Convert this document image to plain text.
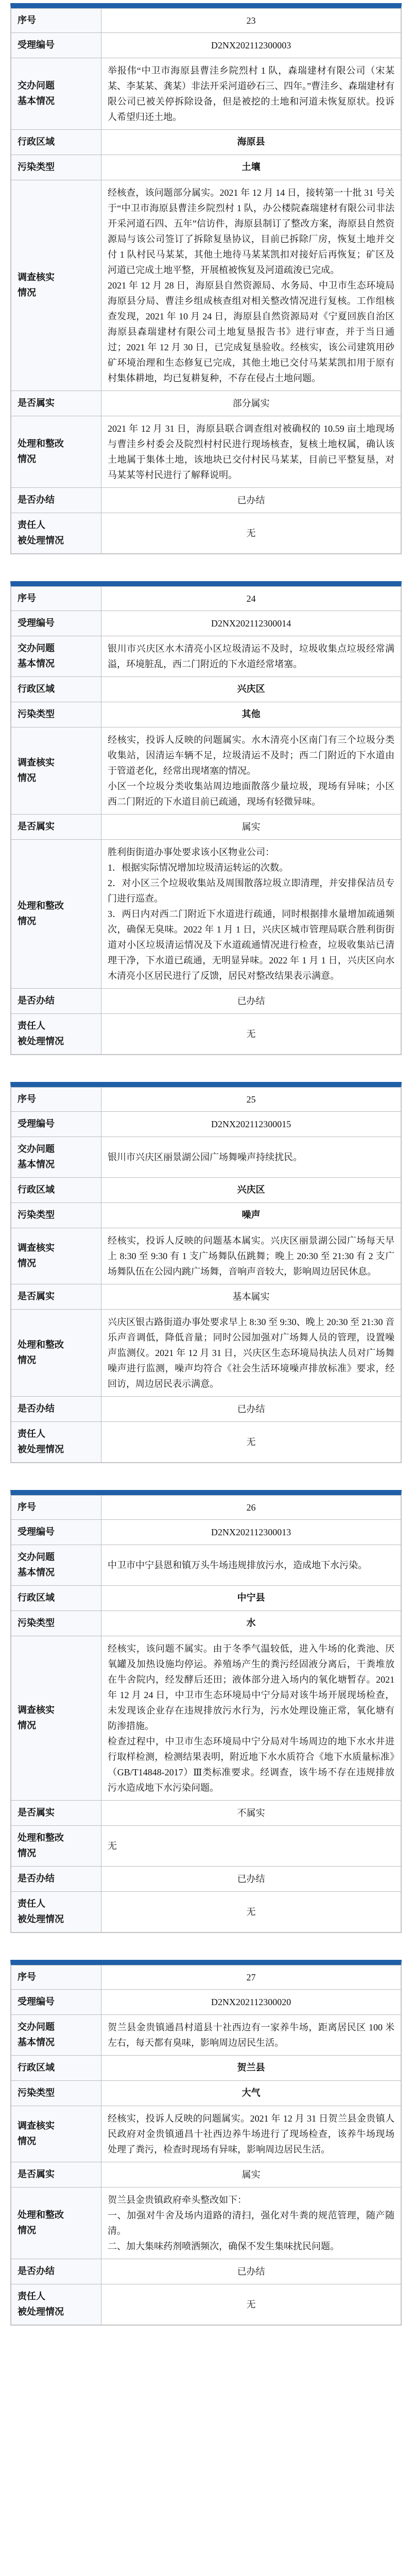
序号	23
受理编号	D2NX202112300003
交办问题
基本情况	举报伟“中卫市海原县曹洼乡院烈村 1 队，森瑞建材有限公司（宋某某、李某某、龚某）非法开采河道砂石三、四年。”曹洼乡、森瑞建材有限公司已被关停拆除设备，但是被挖的土地和河道未恢复原状。投诉人希望归还土地。
行政区域	海原县
污染类型	土壤
调查核实
情况	经核查，该问题部分属实。2021 年 12 月 14 日，接转第一十批 31 号关于“中卫市海原县曹洼乡院烈村 1 队，办公楼院森瑞建材有限公司非法开采河道石四、五年”信访件，海原县制订了整改方案，海原县自然资源局与该公司签订了拆除复垦协议，目前已拆除厂房，恢复土地并交付 1 队村民马某某，其他土地待马某某凯扣对接好后再恢复；矿区及河道已完成土地平整，开展植被恢复及河道疏浚已完成。
2021 年 12 月 28 日，海原县自然资源局、水务局、中卫市生态环境局海原县分局、曹洼乡组成核查组对相关整改情况进行复核。工作组核查发现，2021 年 10 月 24 日，海原县自然资源局对《宁夏回族自治区海原县森瑞建材有限公司土地复垦报告书》进行审查，并于当日通过；2021 年 12 月 30 日，已完成复垦验收。经核实，该公司建筑用砂矿环境治理和生态修复已完成，其他土地已交付马某某凯扣用于原有村集体耕地，均已复耕复种，不存在侵占土地问题。
是否属实	部分属实
处理和整改
情况	2021 年 12 月 31 日，海原县联合调查组对被确权的 10.59 亩土地现场与曹洼乡村委会及院烈村村民进行现场核查，复核土地权属，确认该土地属于集体土地，该地块已交付村民马某某，目前已平整复垦，对马某某等村民进行了解释说明。
是否办结	已办结
责任人
被处理情况	无
序号	24
受理编号	D2NX202112300014
交办问题
基本情况	银川市兴庆区水木清亮小区垃圾清运不及时，垃圾收集点垃圾经常满溢，环境脏乱，西二门附近的下水道经常堵塞。
行政区域	兴庆区
污染类型	其他
调查核实
情况	经核实，投诉人反映的问题属实。水木清亮小区南门有三个垃圾分类收集站，因清运车辆不足，垃圾清运不及时；西二门附近的下水道由于管道老化，经常出现堵塞的情况。
小区一个垃圾分类收集站周边地面散落少量垃圾，现场有异味；小区西二门附近的下水道目前已疏通，现场有轻微异味。
是否属实	属实
处理和整改
情况	胜利街街道办事处要求该小区物业公司：
1．根据实际情况增加垃圾清运转运的次数。
2．对小区三个垃圾收集站及周围散落垃圾立即清理，并安排保洁员专门进行巡查。
3．两日内对西二门附近下水道进行疏通，同时根据排水量增加疏通频次，确保无臭味。2022 年 1 月 1 日，兴庆区城市管理局联合胜利街街道对小区垃圾清运情况及下水道疏通情况进行检查，垃圾收集站已清理干净，下水道已疏通，无明显异味。2022 年 1 月 1 日，兴庆区向水木清亮小区居民进行了反馈，居民对整改结果表示满意。
是否办结	已办结
责任人
被处理情况	无
序号	25
受理编号	D2NX202112300015
交办问题
基本情况	银川市兴庆区丽景湖公园广场舞噪声持续扰民。
行政区域	兴庆区
污染类型	噪声
调查核实
情况	经核实，投诉人反映的问题基本属实。兴庆区丽景湖公园广场每天早上 8:30 至 9:30 有 1 支广场舞队伍跳舞；晚上 20:30 至 21:30 有 2 支广场舞队伍在公园内跳广场舞，音响声音较大，影响周边居民休息。
是否属实	基本属实
处理和整改
情况	兴庆区银古路街道办事处要求早上 8:30 至 9:30、晚上 20:30 至 21:30 音乐声音调低，降低音量；同时公园加强对广场舞人员的管理，设置噪声监测仪。2021 年 12 月 31 日，兴庆区生态环境局执法人员对广场舞噪声进行监测，噪声均符合《社会生活环境噪声排放标准》要求，经回访，周边居民表示满意。
是否办结	已办结
责任人
被处理情况	无
序号	26
受理编号	D2NX202112300013
交办问题
基本情况	中卫市中宁县恩和镇万头牛场违规排放污水，造成地下水污染。
行政区域	中宁县
污染类型	水
调查核实
情况	经核实，该问题不属实。由于冬季气温较低，进入牛场的化粪池、厌氧罐及加热设施均停运。养殖场产生的粪污经固液分离后，干粪堆放在牛舍院内，经发酵后还田；液体部分进入场内的氧化塘暂存。2021 年 12 月 24 日，中卫市生态环境局中宁分局对该牛场开展现场检查，未发现该企业存在违规排放污水行为，污水处理设施正常，氧化塘有防渗措施。
检查过程中，中卫市生态环境局中宁分局对牛场周边的地下水水井进行取样检测，检测结果表明，附近地下水水质符合《地下水质量标准》（GB/T14848-2017）Ⅲ类标准要求。经调查，该牛场不存在违规排放污水造成地下水污染问题。
是否属实	不属实
处理和整改
情况	无
是否办结	已办结
责任人
被处理情况	无
序号	27
受理编号	D2NX202112300020
交办问题
基本情况	贺兰县金贵镇通昌村道县十社西边有一家养牛场，距离居民区 100 米左右，每天都有臭味，影响周边居民生活。
行政区域	贺兰县
污染类型	大气
调查核实
情况	经核实，投诉人反映的问题属实。2021 年 12 月 31 日贺兰县金贵镇人民政府对金贵镇通昌十社西边养牛场进行了现场检查，该养牛场现场处理了粪污，检查时现场有异味，影响周边居民生活。
是否属实	属实
处理和整改
情况	贺兰县金贵镇政府牵头整改如下：
一、加强对牛舍及场内道路的清扫，强化对牛粪的规范管理，随产随清。
二、加大集味药剂喷洒频次，确保不发生集味扰民问题。
是否办结	已办结
责任人
被处理情况	无
